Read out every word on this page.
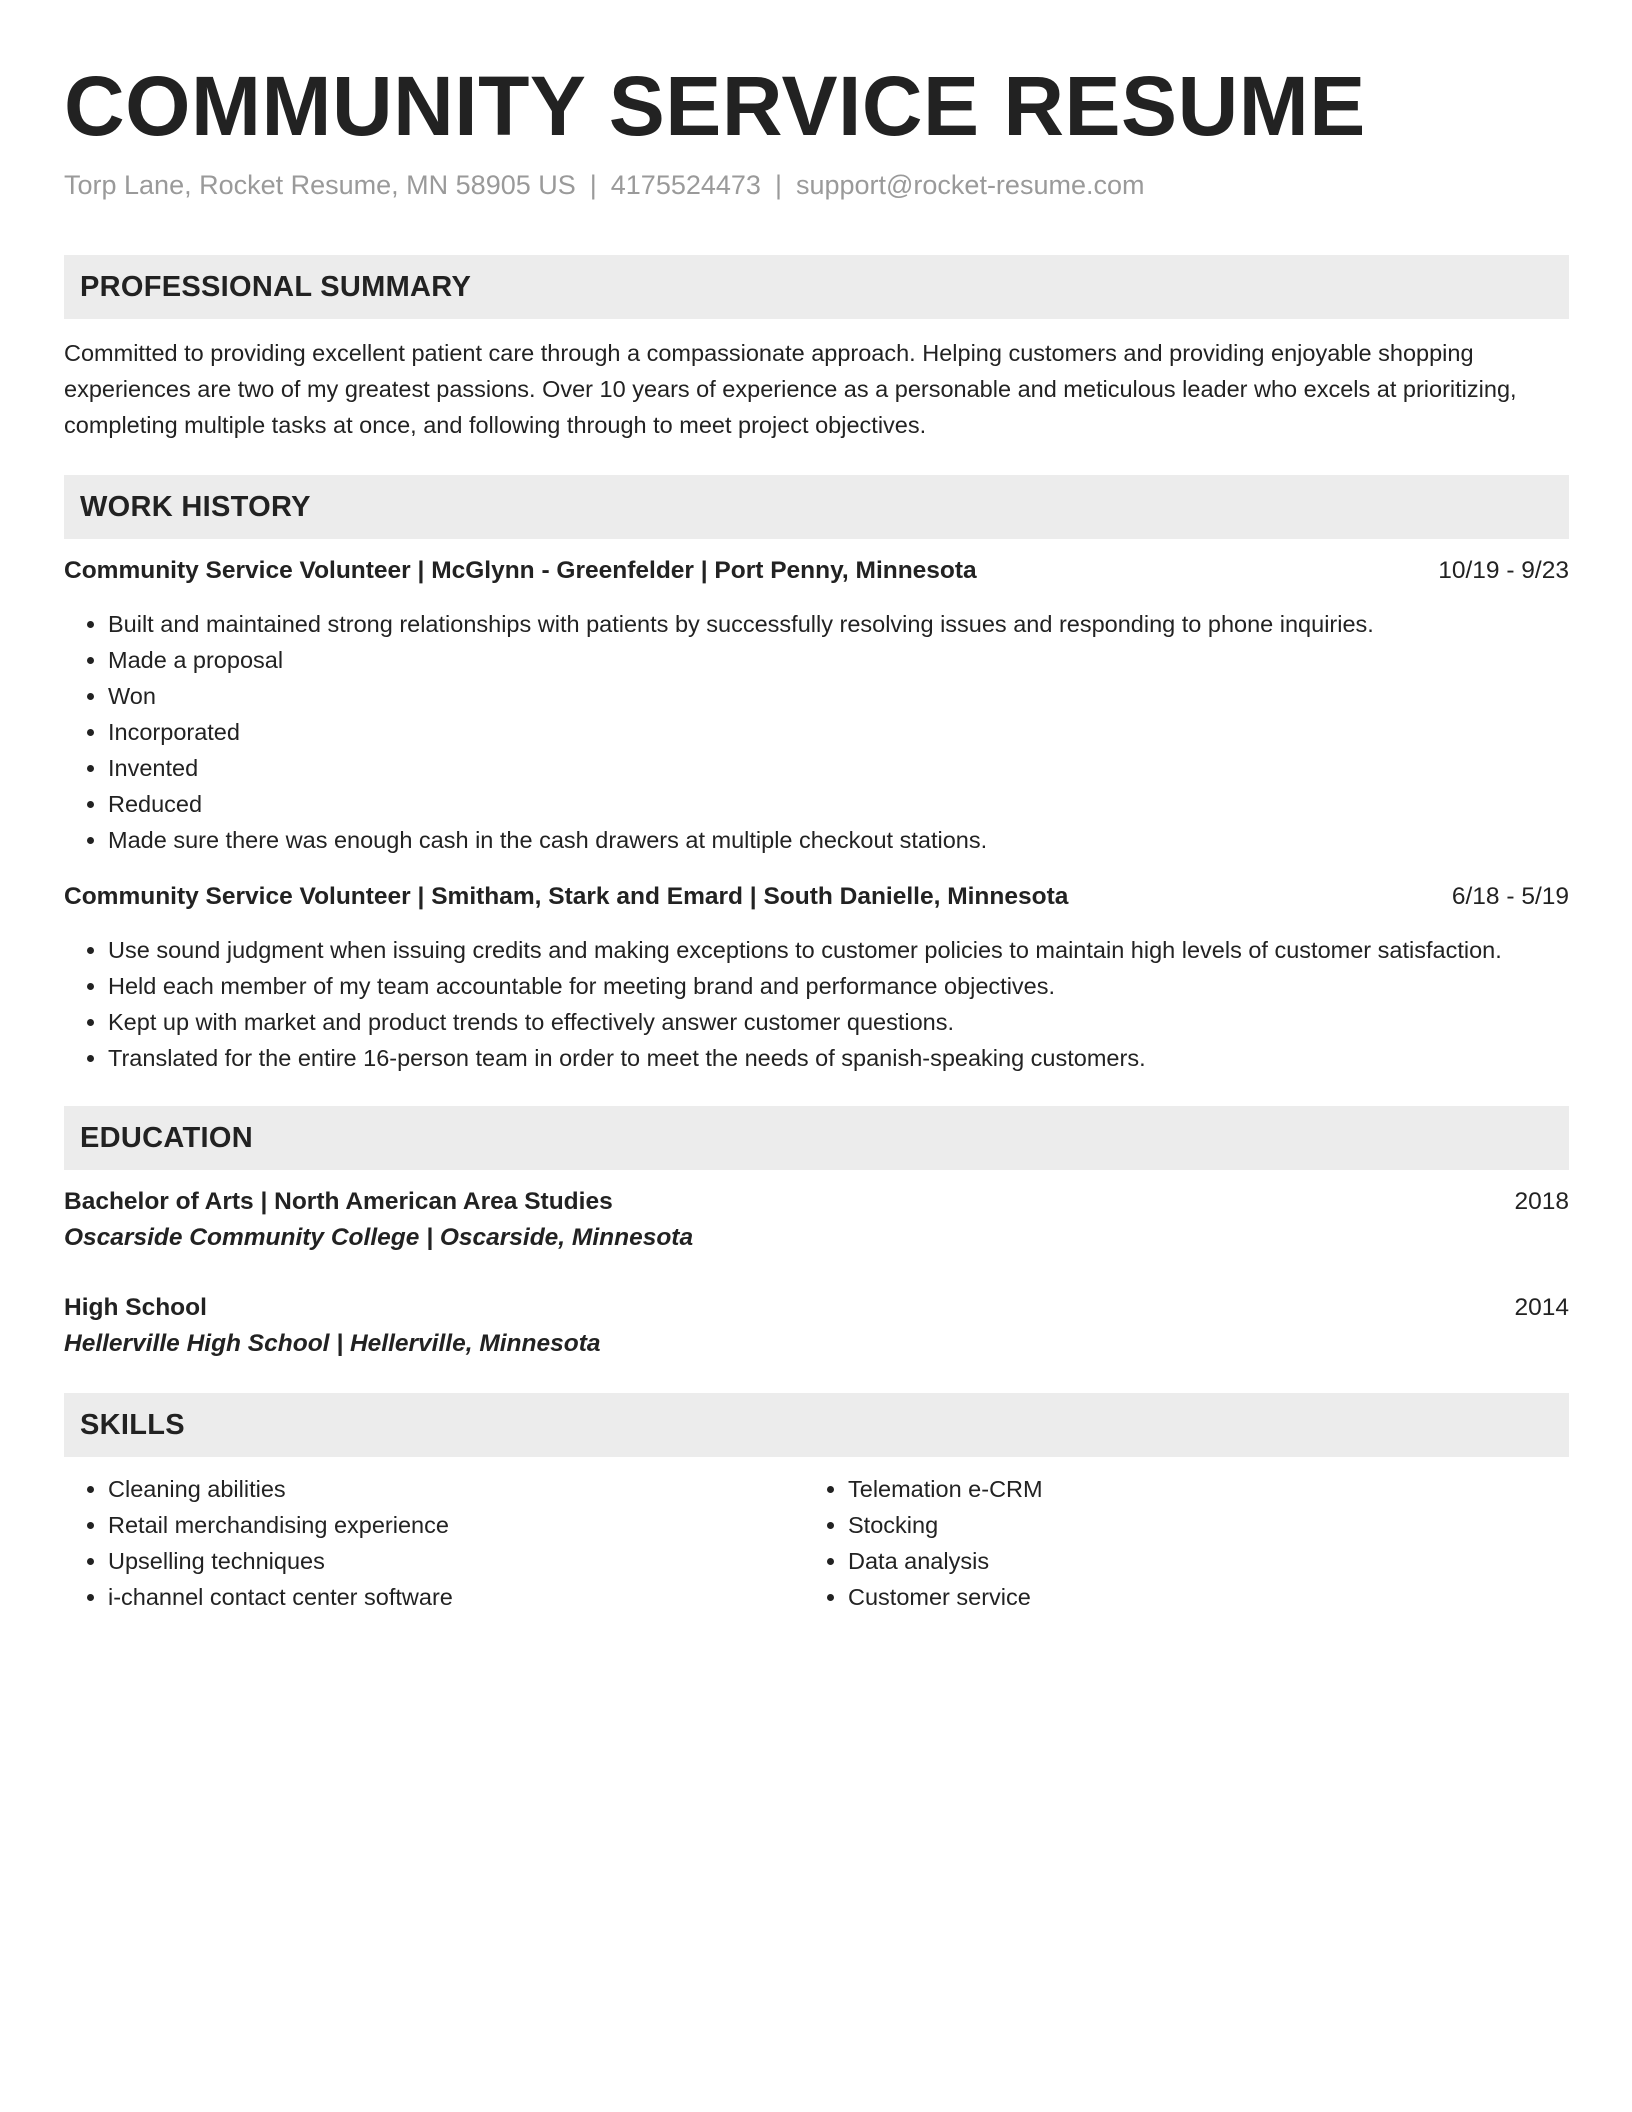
COMMUNITY SERVICE RESUME
Torp Lane, Rocket Resume, MN 58905 US | 4175524473 | support@rocket-resume.com
PROFESSIONAL SUMMARY
Committed to providing excellent patient care through a compassionate approach. Helping customers and providing enjoyable shopping experiences are two of my greatest passions. Over 10 years of experience as a personable and meticulous leader who excels at prioritizing, completing multiple tasks at once, and following through to meet project objectives.
WORK HISTORY
Community Service Volunteer | McGlynn - Greenfelder | Port Penny, Minnesota	10/19 - 9/23
• Built and maintained strong relationships with patients by successfully resolving issues and responding to phone inquiries.
• Made a proposal
• Won
• Incorporated
• Invented
• Reduced
• Made sure there was enough cash in the cash drawers at multiple checkout stations.
Community Service Volunteer | Smitham, Stark and Emard | South Danielle, Minnesota	6/18 - 5/19
• Use sound judgment when issuing credits and making exceptions to customer policies to maintain high levels of customer satisfaction.
• Held each member of my team accountable for meeting brand and performance objectives.
• Kept up with market and product trends to effectively answer customer questions.
• Translated for the entire 16-person team in order to meet the needs of spanish-speaking customers.
EDUCATION
Bachelor of Arts | North American Area Studies	2018
Oscarside Community College | Oscarside, Minnesota
High School	2014
Hellerville High School | Hellerville, Minnesota
SKILLS
• Cleaning abilities
• Retail merchandising experience
• Upselling techniques
• i-channel contact center software
• Telemation e-CRM
• Stocking
• Data analysis
• Customer service
